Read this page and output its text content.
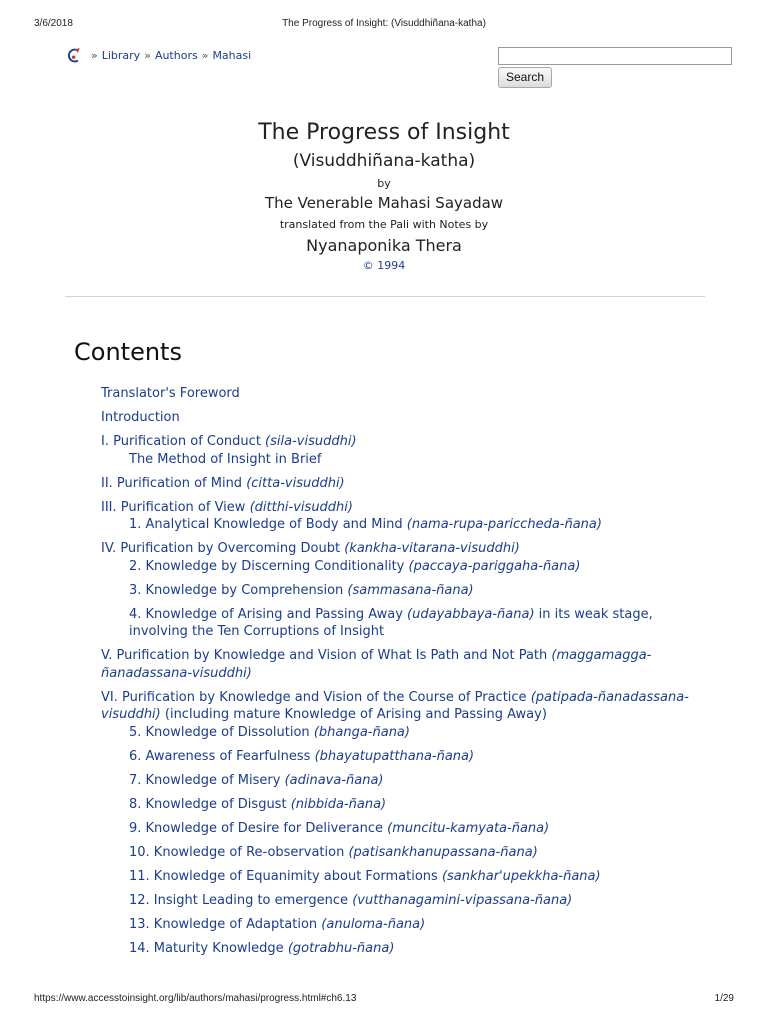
3/6/2018	The Progress of Insight: (Visuddhiñana-katha)
» Library » Authors » Mahasi
Search
The Progress of Insight
(Visuddhiñana-katha)
by
The Venerable Mahasi Sayadaw
translated from the Pali with Notes by
Nyanaponika Thera
© 1994
Contents
Translator's Foreword
Introduction
I. Purification of Conduct (sila-visuddhi)
The Method of Insight in Brief
II. Purification of Mind (citta-visuddhi)
III. Purification of View (ditthi-visuddhi)
1. Analytical Knowledge of Body and Mind (nama-rupa-pariccheda-ñana)
IV. Purification by Overcoming Doubt (kankha-vitarana-visuddhi)
2. Knowledge by Discerning Conditionality (paccaya-pariggaha-ñana)
3. Knowledge by Comprehension (sammasana-ñana)
4. Knowledge of Arising and Passing Away (udayabbaya-ñana) in its weak stage,
involving the Ten Corruptions of Insight
V. Purification by Knowledge and Vision of What Is Path and Not Path (maggamagga-ñanadassana-visuddhi)
VI. Purification by Knowledge and Vision of the Course of Practice (patipada-ñanadassana-visuddhi) (including mature Knowledge of Arising and Passing Away)
5. Knowledge of Dissolution (bhanga-ñana)
6. Awareness of Fearfulness (bhayatupatthana-ñana)
7. Knowledge of Misery (adinava-ñana)
8. Knowledge of Disgust (nibbida-ñana)
9. Knowledge of Desire for Deliverance (muncitu-kamyata-ñana)
10. Knowledge of Re-observation (patisankhanupassana-ñana)
11. Knowledge of Equanimity about Formations (sankhar'upekkha-ñana)
12. Insight Leading to emergence (vutthanagamini-vipassana-ñana)
13. Knowledge of Adaptation (anuloma-ñana)
14. Maturity Knowledge (gotrabhu-ñana)
https://www.accesstoinsight.org/lib/authors/mahasi/progress.html#ch6.13	1/29
